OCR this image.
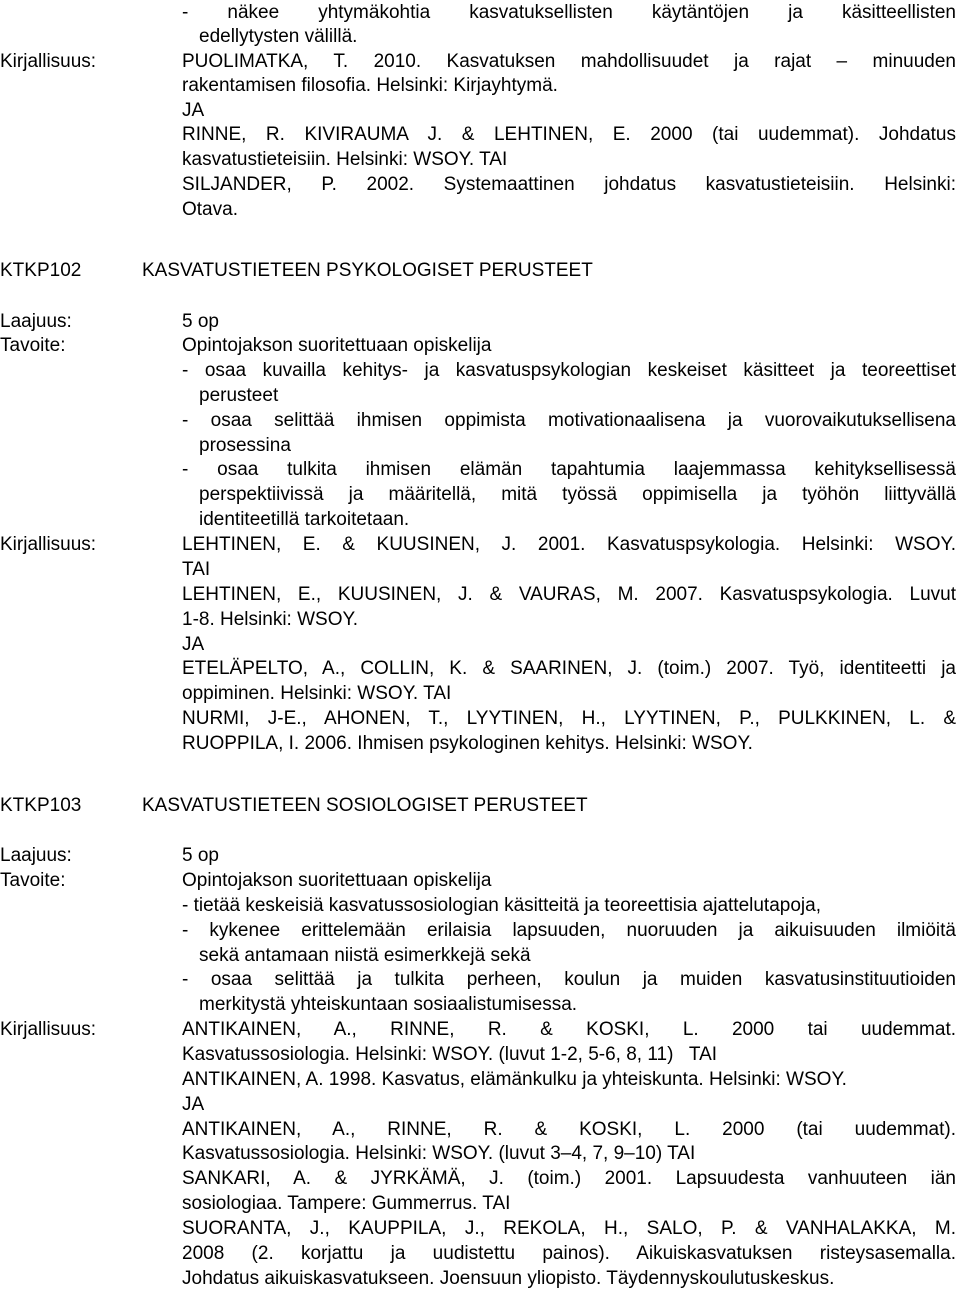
- näkee yhtymäkohtia kasvatuksellisten käytäntöjen ja käsitteellisten
edellytysten välillä.
Kirjallisuus:	PUOLIMATKA, T. 2010. Kasvatuksen mahdollisuudet ja rajat – minuuden
rakentamisen filosofia. Helsinki: Kirjayhtymä.
JA
RINNE, R. KIVIRAUMA J. & LEHTINEN, E. 2000 (tai uudemmat). Johdatus
kasvatustieteisiin. Helsinki: WSOY. TAI
SILJANDER, P. 2002. Systemaattinen johdatus kasvatustieteisiin. Helsinki:
Otava.
KTKP102	KASVATUSTIETEEN PSYKOLOGISET PERUSTEET
Laajuus:	5 op
Tavoite:	Opintojakson suoritettuaan opiskelija
- osaa kuvailla kehitys- ja kasvatuspsykologian keskeiset käsitteet ja teoreettiset
perusteet
- osaa selittää ihmisen oppimista motivationaalisena ja vuorovaikutuksellisena
prosessina
- osaa tulkita ihmisen elämän tapahtumia laajemmassa kehityksellisessä
perspektiivissä ja määritellä, mitä työssä oppimisella ja työhön liittyvällä
identiteetillä tarkoitetaan.
Kirjallisuus:	LEHTINEN, E. & KUUSINEN, J. 2001. Kasvatuspsykologia. Helsinki: WSOY.
TAI
LEHTINEN, E., KUUSINEN, J. & VAURAS, M. 2007. Kasvatuspsykologia. Luvut
1-8. Helsinki: WSOY.
JA
ETELÄPELTO, A., COLLIN, K. & SAARINEN, J. (toim.) 2007. Työ, identiteetti ja
oppiminen. Helsinki: WSOY. TAI
NURMI, J-E., AHONEN, T., LYYTINEN, H., LYYTINEN, P., PULKKINEN, L. &
RUOPPILA, I. 2006. Ihmisen psykologinen kehitys. Helsinki: WSOY.
KTKP103	KASVATUSTIETEEN SOSIOLOGISET PERUSTEET
Laajuus:	5 op
Tavoite:	Opintojakson suoritettuaan opiskelija
- tietää keskeisiä kasvatussosiologian käsitteitä ja teoreettisia ajattelutapoja,
- kykenee erittelemään erilaisia lapsuuden, nuoruuden ja aikuisuuden ilmiöitä
sekä antamaan niistä esimerkkejä sekä
- osaa selittää ja tulkita perheen, koulun ja muiden kasvatusinstituutioiden
merkitystä yhteiskuntaan sosiaalistumisessa.
Kirjallisuus:	ANTIKAINEN, A., RINNE, R. & KOSKI, L. 2000 tai uudemmat.
Kasvatussosiologia. Helsinki: WSOY. (luvut 1-2, 5-6, 8, 11)   TAI
ANTIKAINEN, A. 1998. Kasvatus, elämänkulku ja yhteiskunta. Helsinki: WSOY.
JA
ANTIKAINEN, A., RINNE, R. & KOSKI, L. 2000 (tai uudemmat).
Kasvatussosiologia. Helsinki: WSOY. (luvut 3–4, 7, 9–10) TAI
SANKARI, A. & JYRKÄMÄ, J. (toim.) 2001. Lapsuudesta vanhuuteen iän
sosiologiaa. Tampere: Gummerrus. TAI
SUORANTA, J., KAUPPILA, J., REKOLA, H., SALO, P. & VANHALAKKA, M.
2008 (2. korjattu ja uudistettu painos). Aikuiskasvatuksen risteysasemalla.
Johdatus aikuiskasvatukseen. Joensuun yliopisto. Täydennyskoulutuskeskus.
